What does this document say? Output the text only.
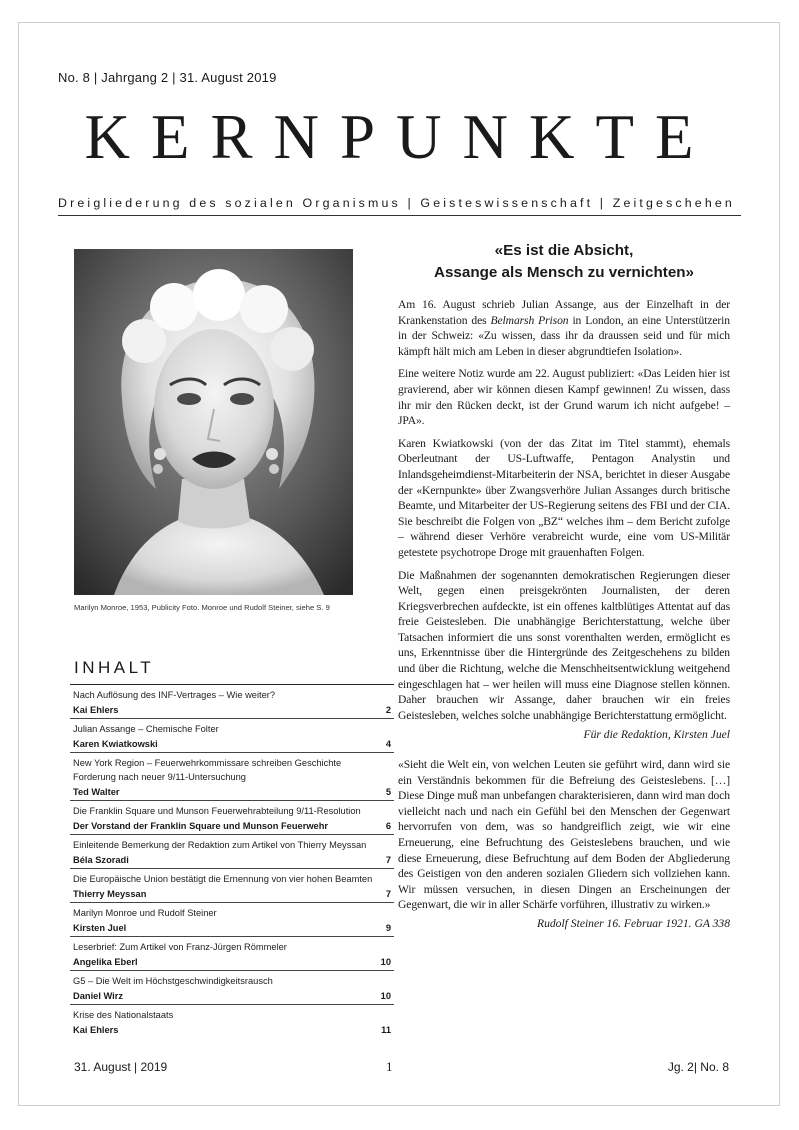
No. 8 | Jahrgang 2 | 31. August 2019
KERNPUNKTE
Dreigliederung des sozialen Organismus | Geisteswissenschaft | Zeitgeschehen
Marilyn Monroe, 1953, Publicity Foto. Monroe und Rudolf Steiner, siehe S. 9
INHALT
Nach Auflösung des INF-Vertrages – Wie weiter?
Kai Ehlers	2
Julian Assange – Chemische Folter
Karen Kwiatkowski	4
New York Region – Feuerwehrkommissare schreiben Geschichte
Forderung nach neuer 9/11-Untersuchung
Ted Walter	5
Die Franklin Square und Munson Feuerwehrabteilung 9/11-Resolution
Der Vorstand der Franklin Square und Munson Feuerwehr	6
Einleitende Bemerkung der Redaktion zum Artikel von Thierry Meyssan
Béla Szoradi	7
Die Europäische Union bestätigt die Ernennung von vier hohen Beamten
Thierry Meyssan	7
Marilyn Monroe und Rudolf Steiner
Kirsten Juel	9
Leserbrief: Zum Artikel von Franz-Jürgen Römmeler
Angelika Eberl	10
G5 – Die Welt im Höchstgeschwindigkeitsrausch
Daniel Wirz	10
Krise des Nationalstaats
Kai Ehlers	11
«Es ist die Absicht,
Assange als Mensch zu vernichten»

Am 16. August schrieb Julian Assange, aus der Einzelhaft in der Krankenstation des Belmarsh Prison in London, an eine Unterstützerin in der Schweiz: «Zu wissen, dass ihr da draussen seid und für mich kämpft hält mich am Leben in dieser abgrundtiefen Isolation».

Eine weitere Notiz wurde am 22. August publiziert: «Das Leiden hier ist gravierend, aber wir können diesen Kampf gewinnen! Zu wissen, dass ihr mir den Rücken deckt, ist der Grund warum ich nicht aufgebe! – JPA».

Karen Kwiatkowski (von der das Zitat im Titel stammt), ehemals Oberleutnant der US-Luftwaffe, Pentagon Analystin und Inlandsgeheimdienst-Mitarbeiterin der NSA, berichtet in dieser Ausgabe der «Kernpunkte» über Zwangsverhöre Julian Assanges durch britische Beamte, und Mitarbeiter der US-Regierung seitens des FBI und der CIA. Sie beschreibt die Folgen von „BZ“ welches ihm – dem Bericht zufolge – während dieser Verhöre verabreicht wurde, eine vom US-Militär getestete psychotrope Droge mit grauenhaften Folgen.

Die Maßnahmen der sogenannten demokratischen Regierungen dieser Welt, gegen einen preisgekrönten Journalisten, der deren Kriegsverbrechen aufdeckte, ist ein offenes kaltblütiges Attentat auf das freie Geistesleben. Die unabhängige Berichterstattung, welche über Tatsachen informiert die uns sonst vorenthalten werden, ermöglicht es uns, Erkenntnisse über die Hintergründe des Zeitgeschehens zu bilden und über die Richtung, welche die Menschheitsentwicklung weitgehend eingeschlagen hat – wer heilen will muss eine Diagnose stellen können. Daher brauchen wir Assange, daher brauchen wir ein freies Geistesleben, welches solche unabhängige Berichterstattung ermöglicht.

Für die Redaktion, Kirsten Juel

«Sieht die Welt ein, von welchen Leuten sie geführt wird, dann wird sie ein Verständnis bekommen für die Befreiung des Geisteslebens. […] Diese Dinge muß man unbefangen charakterisieren, dann wird man doch vielleicht nach und nach ein Gefühl bei den Menschen der Gegenwart hervorrufen von dem, was so handgreiflich zeigt, wie wir eine Erneuerung, eine Befruchtung des Geisteslebens brauchen, und wie diese Erneuerung, diese Befruchtung auf dem Boden der Abgliederung des Geistigen von den anderen sozialen Gliedern sich vollziehen kann. Wir müssen versuchen, in diesen Dingen an Erscheinungen der Gegenwart, die wir in aller Schärfe vorführen, illustrativ zu wirken.»

Rudolf Steiner 16. Februar 1921. GA 338
31. August | 2019	1	Jg. 2| No. 8
